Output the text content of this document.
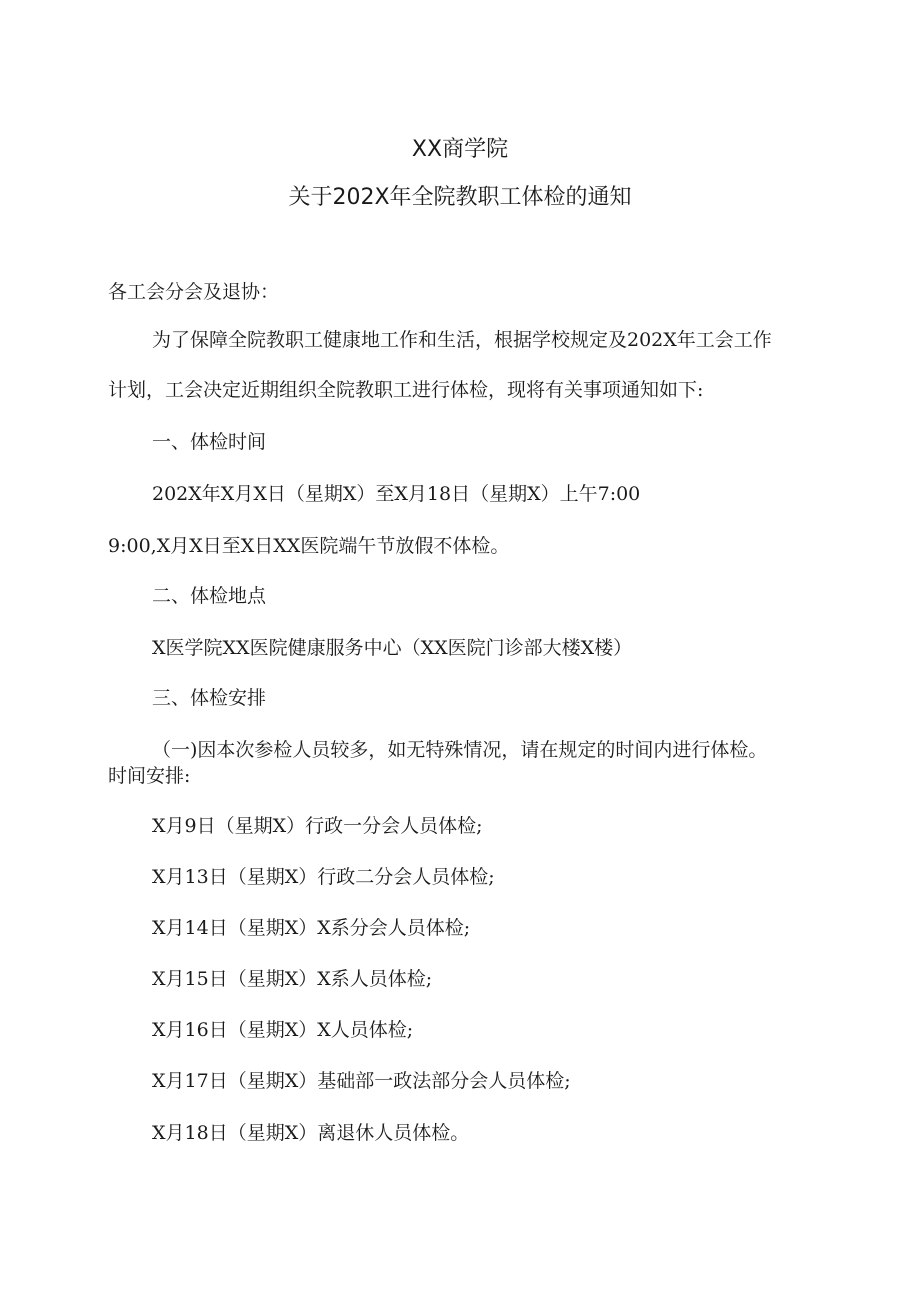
XX商学院
关于202X年全院教职工体检的通知
各工会分会及退协：
为了保障全院教职工健康地工作和生活，根据学校规定及202X年工会工作
计划，工会决定近期组织全院教职工进行体检，现将有关事项通知如下:
一、体检时间
202X年X月X日（星期X）至X月18日（星期X）上午7:00
9:00,X月X日至X日XX医院端午节放假不体检。
二、体检地点
X医学院XX医院健康服务中心（XX医院门诊部大楼X楼）
三、体检安排
（一)因本次参检人员较多，如无特殊情况，请在规定的时间内进行体检。
时间安排:
X月9日（星期X）行政一分会人员体检;
X月13日（星期X）行政二分会人员体检;
X月14日（星期X）X系分会人员体检;
X月15日（星期X）X系人员体检;
X月16日（星期X）X人员体检;
X月17日（星期X）基础部一政法部分会人员体检;
X月18日（星期X）离退休人员体检。
